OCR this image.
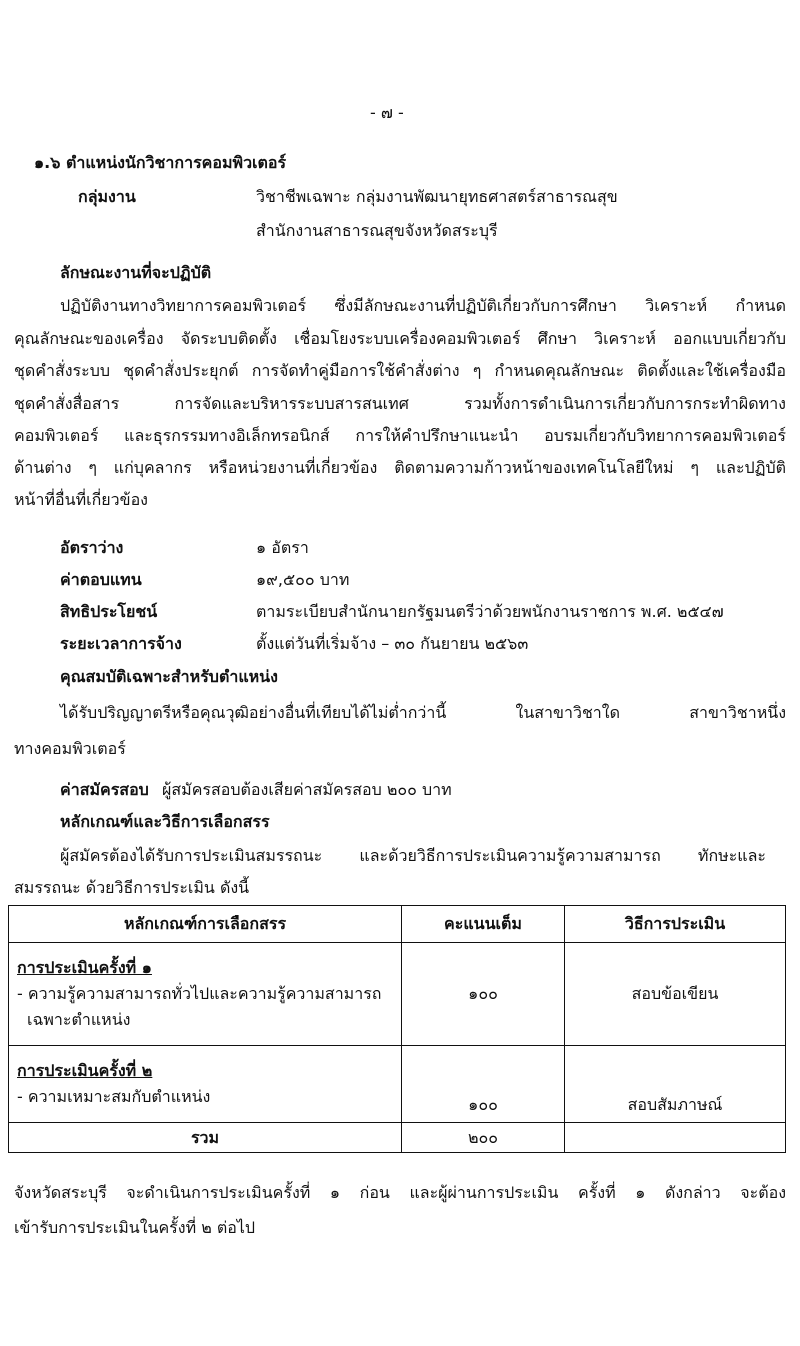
- ๗ -
๑.๖ ตำแหน่งนักวิชาการคอมพิวเตอร์
กลุ่มงาน	วิชาชีพเฉพาะ กลุ่มงานพัฒนายุทธศาสตร์สาธารณสุข
สำนักงานสาธารณสุขจังหวัดสระบุรี
ลักษณะงานที่จะปฏิบัติ
ปฏิบัติงานทางวิทยาการคอมพิวเตอร์ ซึ่งมีลักษณะงานที่ปฏิบัติเกี่ยวกับการศึกษา วิเคราะห์ กำหนด
คุณลักษณะของเครื่อง จัดระบบติดตั้ง เชื่อมโยงระบบเครื่องคอมพิวเตอร์ ศึกษา วิเคราะห์ ออกแบบเกี่ยวกับ
ชุดคำสั่งระบบ ชุดคำสั่งประยุกต์ การจัดทำคู่มือการใช้คำสั่งต่าง ๆ กำหนดคุณลักษณะ ติดตั้งและใช้เครื่องมือ
ชุดคำสั่งสื่อสาร การจัดและบริหารระบบสารสนเทศ รวมทั้งการดำเนินการเกี่ยวกับการกระทำผิดทาง
คอมพิวเตอร์ และธุรกรรมทางอิเล็กทรอนิกส์ การให้คำปรึกษาแนะนำ อบรมเกี่ยวกับวิทยาการคอมพิวเตอร์
ด้านต่าง ๆ แก่บุคลากร หรือหน่วยงานที่เกี่ยวข้อง ติดตามความก้าวหน้าของเทคโนโลยีใหม่ ๆ และปฏิบัติ
หน้าที่อื่นที่เกี่ยวข้อง
อัตราว่าง	๑ อัตรา
ค่าตอบแทน	๑๙,๕๐๐ บาท
สิทธิประโยชน์	ตามระเบียบสำนักนายกรัฐมนตรีว่าด้วยพนักงานราชการ พ.ศ. ๒๕๔๗
ระยะเวลาการจ้าง	ตั้งแต่วันที่เริ่มจ้าง – ๓๐ กันยายน ๒๕๖๓
คุณสมบัติเฉพาะสำหรับตำแหน่ง
ได้รับปริญญาตรีหรือคุณวุฒิอย่างอื่นที่เทียบได้ไม่ต่ำกว่านี้ ในสาขาวิชาใด สาขาวิชาหนึ่ง
ทางคอมพิวเตอร์
ค่าสมัครสอบ ผู้สมัครสอบต้องเสียค่าสมัครสอบ ๒๐๐ บาท
หลักเกณฑ์และวิธีการเลือกสรร
ผู้สมัครต้องได้รับการประเมินสมรรถนะ และด้วยวิธีการประเมินความรู้ความสามารถ ทักษะและ
สมรรถนะ ด้วยวิธีการประเมิน ดังนี้
หลักเกณฑ์การเลือกสรร	คะแนนเต็ม	วิธีการประเมิน

การประเมินครั้งที่ ๑
- ความรู้ความสามารถทั่วไปและความรู้ความสามารถ
เฉพาะตำแหน่ง	๑๐๐	สอบข้อเขียน

การประเมินครั้งที่ ๒
- ความเหมาะสมกับตำแหน่ง	๑๐๐	สอบสัมภาษณ์
รวม	๒๐๐	
จังหวัดสระบุรี จะดำเนินการประเมินครั้งที่ ๑ ก่อน และผู้ผ่านการประเมิน ครั้งที่ ๑ ดังกล่าว จะต้อง
เข้ารับการประเมินในครั้งที่ ๒ ต่อไป
